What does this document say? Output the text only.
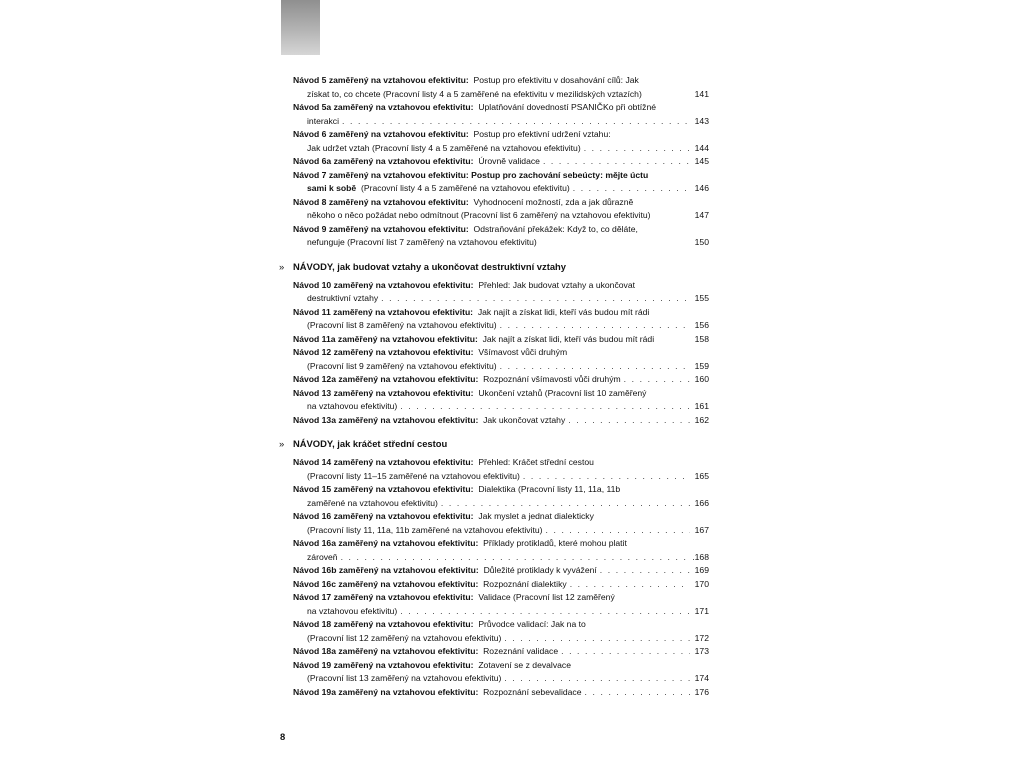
Návod 5 zaměřený na vztahovou efektivitu:
Postup pro efektivitu v dosahování cílů: Jak
získat to, co chcete (Pracovní listy 4 a 5 zaměřené na efektivitu v mezilidských vztazích)	141
Návod 5a zaměřený na vztahovou efektivitu:
Uplatňování dovedností PSANIČKo při obtížné
interakci . . .	143
Návod 6 zaměřený na vztahovou efektivitu:
Postup pro efektivní udržení vztahu:
Jak udržet vztah (Pracovní listy 4 a 5 zaměřené na vztahovou efektivitu) . . .	144
Návod 6a zaměřený na vztahovou efektivitu:
Úrovně validace . . .	145
Návod 7 zaměřený na vztahovou efektivitu: Postup pro zachování sebeúcty: mějte úctu
sami k sobě
(Pracovní listy 4 a 5 zaměřené na vztahovou efektivitu) . . .	146
Návod 8 zaměřený na vztahovou efektivitu:
Vyhodnocení možností, zda a jak důrazně
někoho o něco požádat nebo odmítnout (Pracovní list 6 zaměřený na vztahovou efektivitu)	147
Návod 9 zaměřený na vztahovou efektivitu:
Odstraňování překážek: Když to, co děláte,
nefunguje (Pracovní list 7 zaměřený na vztahovou efektivitu)	150
» NÁVODY, jak budovat vztahy a ukončovat destruktivní vztahy
Návod 10 zaměřený na vztahovou efektivitu:
Přehled: Jak budovat vztahy a ukončovat
destruktivní vztahy . . .	155
Návod 11 zaměřený na vztahovou efektivitu:
Jak najít a získat lidi, kteří vás budou mít rádi
(Pracovní list 8 zaměřený na vztahovou efektivitu) . . .	156
Návod 11a zaměřený na vztahovou efektivitu:
Jak najít a získat lidi, kteří vás budou mít rádi	158
Návod 12 zaměřený na vztahovou efektivitu:
Všímavost vůči druhým
(Pracovní list 9 zaměřený na vztahovou efektivitu) . . .	159
Návod 12a zaměřený na vztahovou efektivitu:
Rozpoznání všímavosti vůči druhým . . .	160
Návod 13 zaměřený na vztahovou efektivitu:
Ukončení vztahů (Pracovní list 10 zaměřený
na vztahovou efektivitu) . . .	161
Návod 13a zaměřený na vztahovou efektivitu:
Jak ukončovat vztahy . . .	162
» NÁVODY, jak kráčet střední cestou
Návod 14 zaměřený na vztahovou efektivitu:
Přehled: Kráčet střední cestou
(Pracovní listy 11–15 zaměřené na vztahovou efektivitu) . . .	165
Návod 15 zaměřený na vztahovou efektivitu:
Dialektika (Pracovní listy 11, 11a, 11b
zaměřené na vztahovou efektivitu) . . .	166
Návod 16 zaměřený na vztahovou efektivitu:
Jak myslet a jednat dialekticky
(Pracovní listy 11, 11a, 11b zaměřené na vztahovou efektivitu) . . .	167
Návod 16a zaměřený na vztahovou efektivitu:
Příklady protikladů, které mohou platit
zároveň . . .	.168
Návod 16b zaměřený na vztahovou efektivitu:
Důležité protiklady k vyvážení . . .	169
Návod 16c zaměřený na vztahovou efektivitu:
Rozpoznání dialektiky . . .	170
Návod 17 zaměřený na vztahovou efektivitu:
Validace (Pracovní list 12 zaměřený
na vztahovou efektivitu) . . .	171
Návod 18 zaměřený na vztahovou efektivitu:
Průvodce validací: Jak na to
(Pracovní list 12 zaměřený na vztahovou efektivitu) . . .	172
Návod 18a zaměřený na vztahovou efektivitu:
Rozeznání validace . . .	173
Návod 19 zaměřený na vztahovou efektivitu:
Zotavení se z devalvace
(Pracovní list 13 zaměřený na vztahovou efektivitu) . . .	174
Návod 19a zaměřený na vztahovou efektivitu:
Rozpoznání sebevalidace . . .	176
8
